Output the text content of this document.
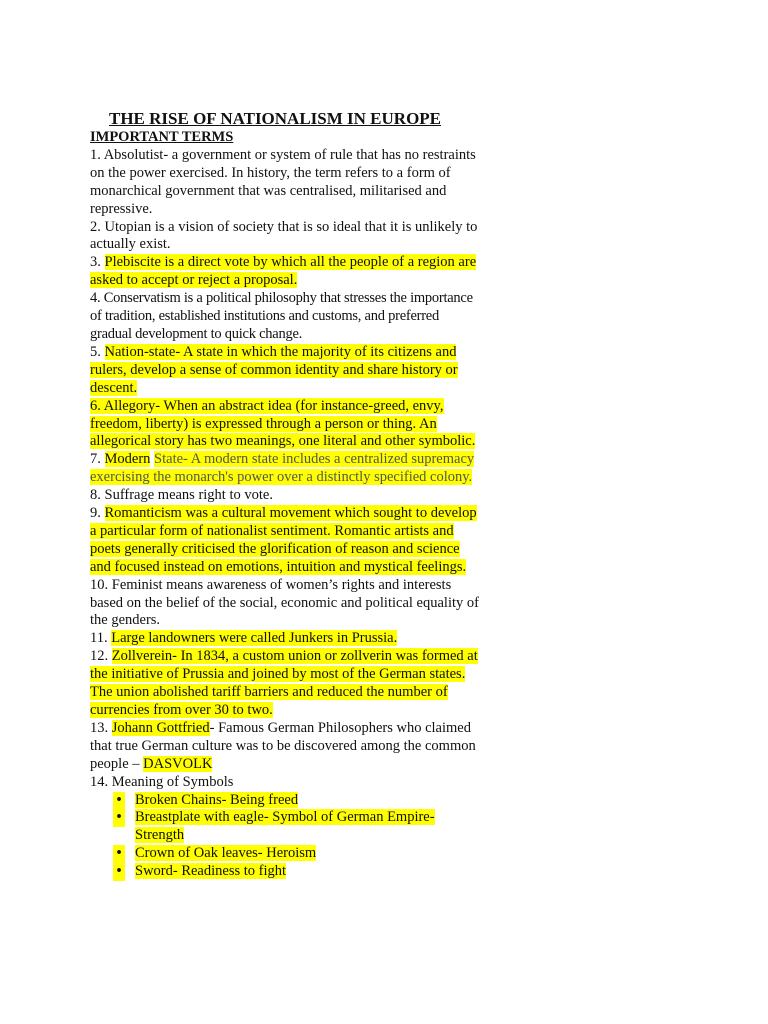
THE RISE OF NATIONALISM IN EUROPE
IMPORTANT TERMS

1. Absolutist- a government or system of rule that has no restraints on the power exercised. In history, the term refers to a form of monarchical government that was centralised, militarised and repressive.

2. Utopian is a vision of society that is so ideal that it is unlikely to actually exist.

3. Plebiscite is a direct vote by which all the people of a region are asked to accept or reject a proposal.

4. Conservatism is a political philosophy that stresses the importance of tradition, established institutions and customs, and preferred gradual development to quick change.

5. Nation-state- A state in which the majority of its citizens and rulers, develop a sense of common identity and share history or descent.

6. Allegory- When an abstract idea (for instance-greed, envy, freedom, liberty) is expressed through a person or thing. An allegorical story has two meanings, one literal and other symbolic.

7. Modern State- A modern state includes a centralized supremacy exercising the monarch's power over a distinctly specified colony.

8. Suffrage means right to vote.

9. Romanticism was a cultural movement which sought to develop a particular form of nationalist sentiment. Romantic artists and poets generally criticised the glorification of reason and science and focused instead on emotions, intuition and mystical feelings.

10. Feminist means awareness of women’s rights and interests based on the belief of the social, economic and political equality of the genders.

11. Large landowners were called Junkers in Prussia.

12. Zollverein- In 1834, a custom union or zollverin was formed at the initiative of Prussia and joined by most of the German states. The union abolished tariff barriers and reduced the number of currencies from over 30 to two.

13. Johann Gottfried- Famous German Philosophers who claimed that true German culture was to be discovered among the common people – DASVOLK

14. Meaning of Symbols

• Broken Chains- Being freed
• Breastplate with eagle- Symbol of German Empire- Strength
• Crown of Oak leaves- Heroism
• Sword- Readiness to fight
